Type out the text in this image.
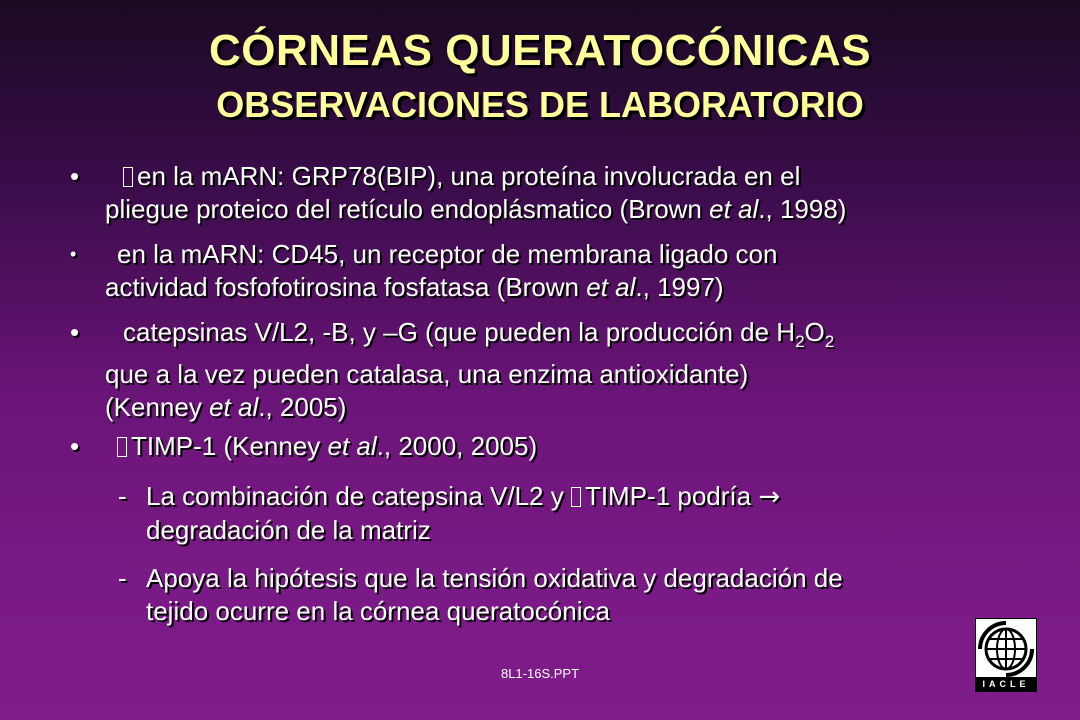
CÓRNEAS QUERATOCÓNICAS
OBSERVACIONES DE LABORATORIO
•	en la mARN: GRP78(BIP), una proteína involucrada en el
pliegue proteico del retículo endoplásmatico (Brown et al., 1998)
•	en la mARN: CD45, un receptor de membrana ligado con
actividad fosfofotirosina fosfatasa (Brown et al., 1997)
•	catepsinas V/L2, -B, y –G (que pueden la producción de $H_2O_2$
que a la vez pueden catalasa, una enzima antioxidante)
(Kenney et al., 2005)
•	TIMP-1 (Kenney et al., 2000, 2005)
- La combinación de catepsina V/L2 y TIMP-1 podría →
degradación de la matriz
- Apoya la hipótesis que la tensión oxidativa y degradación de
tejido ocurre en la córnea queratocónica
8L1-16S.PPT
IACLE
